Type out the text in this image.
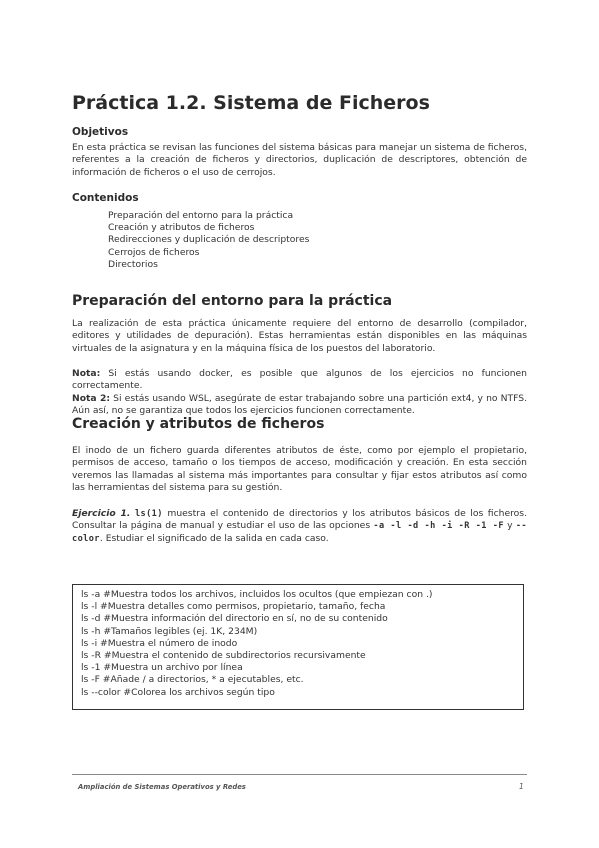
Práctica 1.2. Sistema de Ficheros
Objetivos

En esta práctica se revisan las funciones del sistema básicas para manejar un sistema de ficheros, referentes a la creación de ficheros y directorios, duplicación de descriptores, obtención de información de ficheros o el uso de cerrojos.

Contenidos
Preparación del entorno para la práctica
Creación y atributos de ficheros
Redirecciones y duplicación de descriptores
Cerrojos de ficheros
Directorios
Preparación del entorno para la práctica

La realización de esta práctica únicamente requiere del entorno de desarrollo (compilador, editores y utilidades de depuración). Estas herramientas están disponibles en las máquinas virtuales de la asignatura y en la máquina física de los puestos del laboratorio.

Nota: Si estás usando docker, es posible que algunos de los ejercicios no funcionen correctamente.

Nota 2: Si estás usando WSL, asegúrate de estar trabajando sobre una partición ext4, y no NTFS. Aún así, no se garantiza que todos los ejercicios funcionen correctamente.

Creación y atributos de ficheros

El inodo de un fichero guarda diferentes atributos de éste, como por ejemplo el propietario, permisos de acceso, tamaño o los tiempos de acceso, modificación y creación. En esta sección veremos las llamadas al sistema más importantes para consultar y fijar estos atributos así como las herramientas del sistema para su gestión.

Ejercicio 1. ls(1) muestra el contenido de directorios y los atributos básicos de los ficheros. Consultar la página de manual y estudiar el uso de las opciones -a -l -d -h -i -R -1 -F y --color. Estudiar el significado de la salida en cada caso.

ls -a #Muestra todos los archivos, incluidos los ocultos (que empiezan con .)
ls -l #Muestra detalles como permisos, propietario, tamaño, fecha
ls -d #Muestra información del directorio en sí, no de su contenido
ls -h #Tamaños legibles (ej. 1K, 234M)
ls -i #Muestra el número de inodo
ls -R #Muestra el contenido de subdirectorios recursivamente
ls -1 #Muestra un archivo por línea
ls -F #Añade / a directorios, * a ejecutables, etc.
ls --color #Colorea los archivos según tipo
Ampliación de Sistemas Operativos y Redes	1
